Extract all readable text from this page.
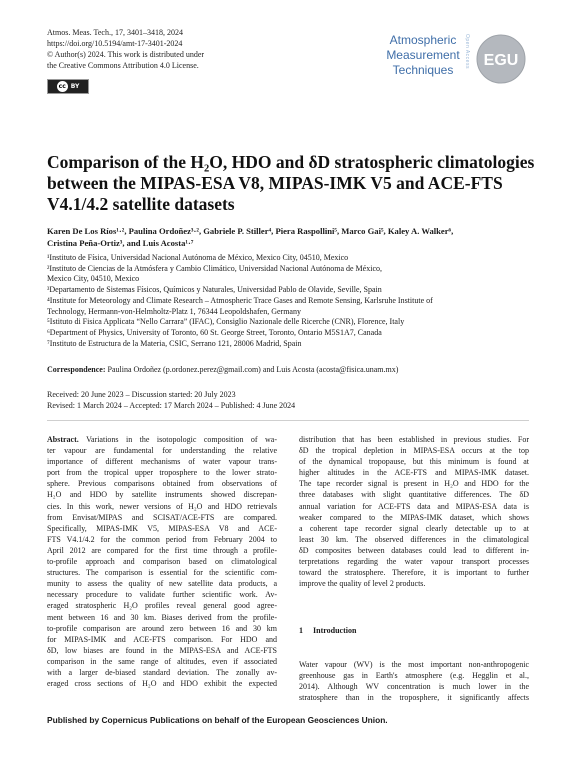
Atmos. Meas. Tech., 17, 3401–3418, 2024
https://doi.org/10.5194/amt-17-3401-2024
© Author(s) 2024. This work is distributed under
the Creative Commons Attribution 4.0 License.
cc BY
Atmospheric
Measurement
Techniques
Open Access EGU
Comparison of the H₂O, HDO and δD stratospheric climatologies
between the MIPAS-ESA V8, MIPAS-IMK V5 and ACE-FTS
V4.1/4.2 satellite datasets
Karen De Los Ríos¹·², Paulina Ordoñez³·², Gabriele P. Stiller⁴, Piera Raspollini⁵, Marco Gai⁵, Kaley A. Walker⁶,
Cristina Peña-Ortiz³, and Luis Acosta¹·⁷
¹Instituto de Física, Universidad Nacional Autónoma de México, Mexico City, 04510, Mexico
²Instituto de Ciencias de la Atmósfera y Cambio Climático, Universidad Nacional Autónoma de México,
Mexico City, 04510, Mexico
³Departamento de Sistemas Físicos, Químicos y Naturales, Universidad Pablo de Olavide, Seville, Spain
⁴Institute for Meteorology and Climate Research – Atmospheric Trace Gases and Remote Sensing, Karlsruhe Institute of
Technology, Hermann-von-Helmholtz-Platz 1, 76344 Leopoldshafen, Germany
⁵Istituto di Fisica Applicata “Nello Carrara” (IFAC), Consiglio Nazionale delle Ricerche (CNR), Florence, Italy
⁶Department of Physics, University of Toronto, 60 St. George Street, Toronto, Ontario M5S1A7, Canada
⁷Instituto de Estructura de la Materia, CSIC, Serrano 121, 28006 Madrid, Spain
Correspondence: Paulina Ordoñez (p.ordonez.perez@gmail.com) and Luis Acosta (acosta@fisica.unam.mx)
Received: 20 June 2023 – Discussion started: 20 July 2023
Revised: 1 March 2024 – Accepted: 17 March 2024 – Published: 4 June 2024
Abstract. Variations in the isotopologic composition of wa-
ter vapour are fundamental for understanding the relative
importance of different mechanisms of water vapour trans-
port from the tropical upper troposphere to the lower strato-
sphere. Previous comparisons obtained from observations of
H₂O and HDO by satellite instruments showed discrepan-
cies. In this work, newer versions of H₂O and HDO retrievals
from Envisat/MIPAS and SCISAT/ACE-FTS are compared.
Specifically, MIPAS-IMK V5, MIPAS-ESA V8 and ACE-
FTS V4.1/4.2 for the common period from February 2004 to
April 2012 are compared for the first time through a profile-
to-profile approach and comparison based on climatological
structures. The comparison is essential for the scientific com-
munity to assess the quality of new satellite data products, a
necessary procedure to validate further scientific work. Av-
eraged stratospheric H₂O profiles reveal general good agree-
ment between 16 and 30 km. Biases derived from the profile-
to-profile comparison are around zero between 16 and 30 km
for MIPAS-IMK and ACE-FTS comparison. For HDO and
δD, low biases are found in the MIPAS-ESA and ACE-FTS
comparison in the same range of altitudes, even if associated
with a larger de-biased standard deviation. The zonally av-
eraged cross sections of H₂O and HDO exhibit the expected
distribution that has been established in previous studies. For
δD the tropical depletion in MIPAS-ESA occurs at the top
of the dynamical tropopause, but this minimum is found at
higher altitudes in the ACE-FTS and MIPAS-IMK dataset.
The tape recorder signal is present in H₂O and HDO for the
three databases with slight quantitative differences. The δD
annual variation for ACE-FTS data and MIPAS-ESA data is
weaker compared to the MIPAS-IMK dataset, which shows
a coherent tape recorder signal clearly detectable up to at
least 30 km. The observed differences in the climatological
δD composites between databases could lead to different in-
terpretations regarding the water vapour transport processes
toward the stratosphere. Therefore, it is important to further
improve the quality of level 2 products.
1 Introduction
Water vapour (WV) is the most important non-anthropogenic
greenhouse gas in Earth's atmosphere (e.g. Hegglin et al.,
2014). Although WV concentration is much lower in the
stratosphere than in the troposphere, it significantly affects
Published by Copernicus Publications on behalf of the European Geosciences Union.
